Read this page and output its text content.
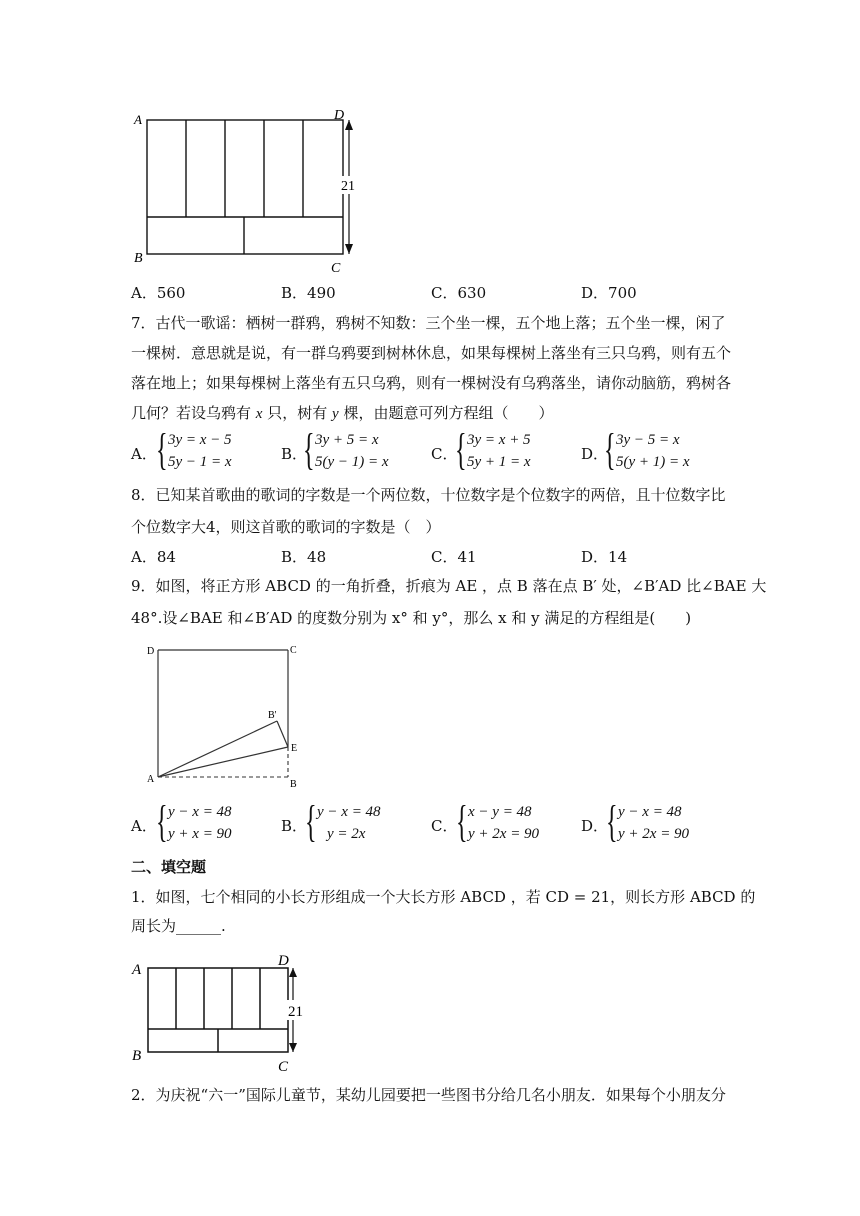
21
A	D
B
C
A．560	B．490	C．630	D．700
7．古代一歌谣：栖树一群鸦，鸦树不知数：三个坐一棵，五个地上落；五个坐一棵，闲了
一棵树．意思就是说，有一群乌鸦要到树林休息，如果每棵树上落坐有三只乌鸦，则有五个
落在地上；如果每棵树上落坐有五只乌鸦，则有一棵树没有乌鸦落坐，请你动脑筋，鸦树各
几何？若设乌鸦有 x 只，树有 y 棵，由题意可列方程组（　　）
A． { 3y = x − 5
5y − 1 = x	B．
{ 3y + 5 = x
5(y − 1) = x	C．
{ 3y = x + 5
5y + 1 = x	D．
{ 3y − 5 = x
5(y + 1) = x
8．已知某首歌曲的歌词的字数是一个两位数，十位数字是个位数字的两倍，且十位数字比
个位数字大4，则这首歌的歌词的字数是（　）
A．84	B．48	C．41	D．14
9．如图，将正方形 ABCD 的一角折叠，折痕为 AE ，点 B 落在点 B′ 处，∠B′AD 比∠BAE 大
48°.设∠BAE 和∠B′AD 的度数分别为 x° 和 y°，那么 x 和 y 满足的方程组是(　　)
D	C
B'
E
A	B
A． { y − x = 48
y + x = 90	B．
{ y − x = 48
y = 2x	C．
{ x − y = 48
y + 2x = 90	D．
{ y − x = 48
y + 2x = 90
二、填空题
1．如图，七个相同的小长方形组成一个大长方形 ABCD ，若 CD = 21，则长方形 ABCD 的
周长为______.
21
A
D
B
C
2．为庆祝“六一”国际儿童节，某幼儿园要把一些图书分给几名小朋友．如果每个小朋友分
